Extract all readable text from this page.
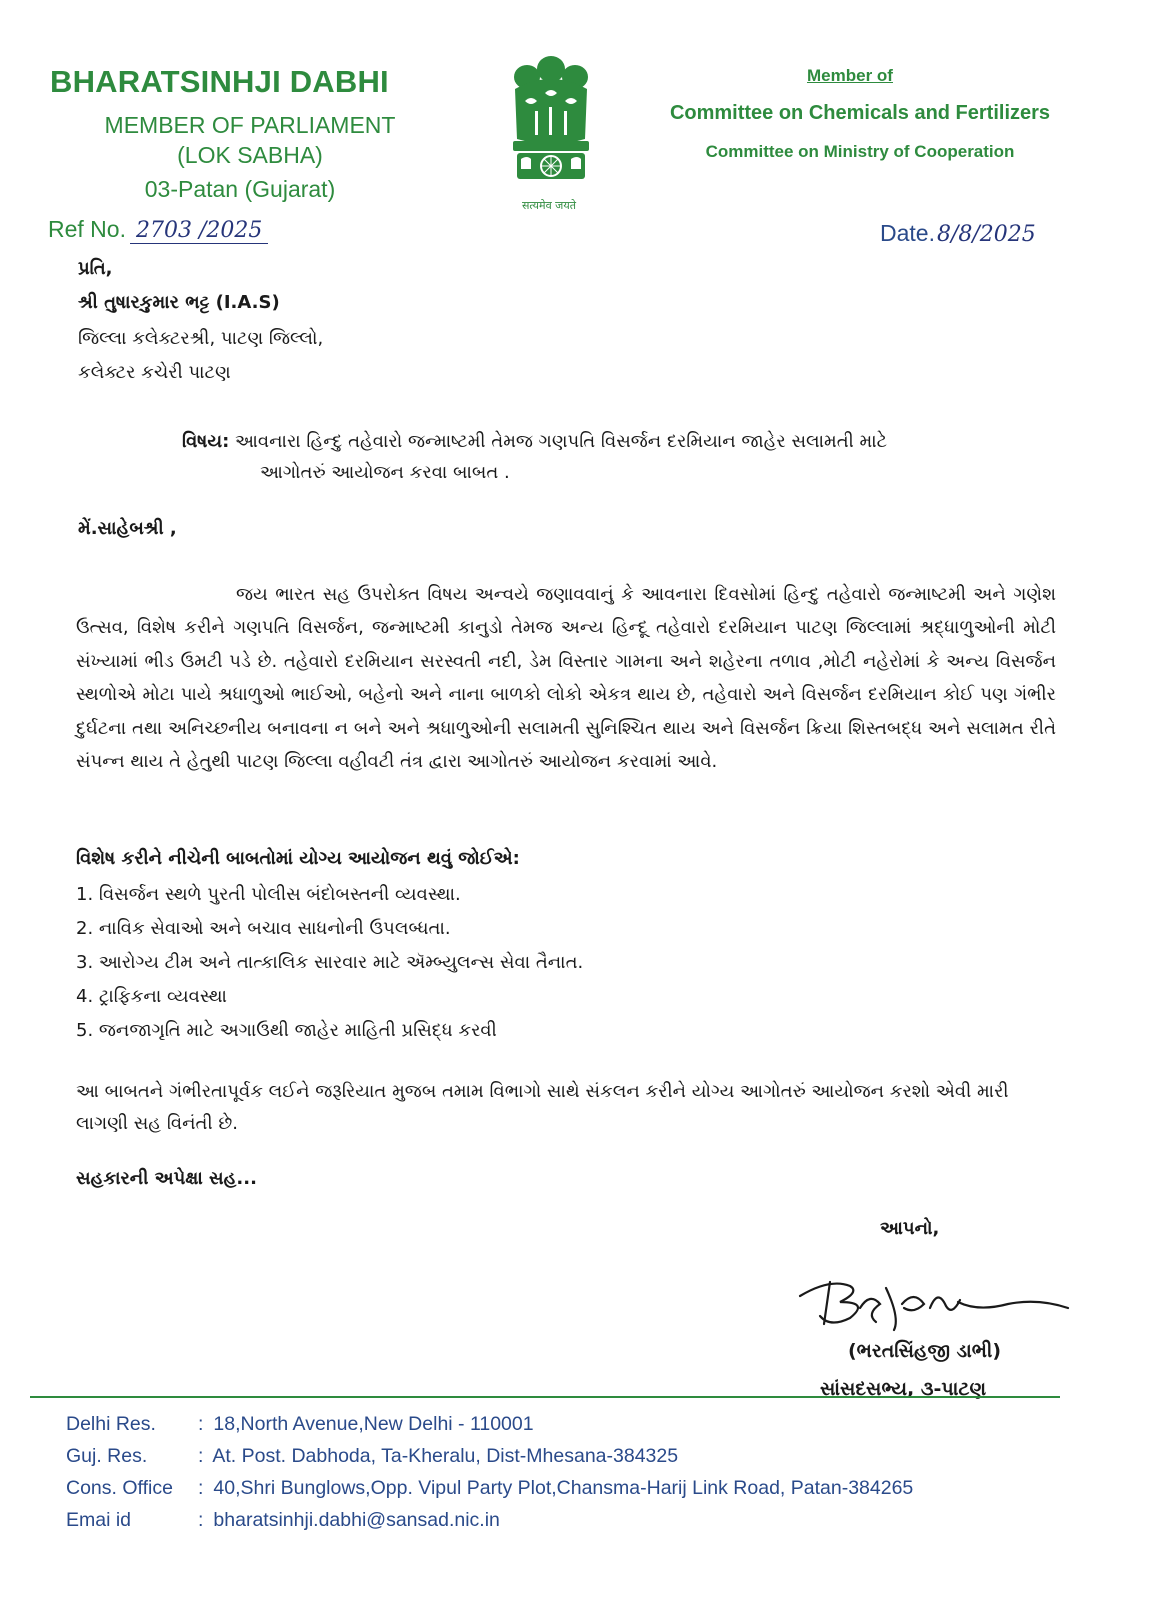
BHARATSINHJI DABHI
MEMBER OF PARLIAMENT
(LOK SABHA)
03-Patan (Gujarat)
सत्यमेव जयते
Member of
Committee on Chemicals and Fertilizers
Committee on Ministry of Cooperation
Ref No. 2703 /2025	Date.8/8/2025
પ્રતિ,
શ્રી તુષારકુમાર ભટ્ટ (I.A.S)
જિલ્લા કલેક્ટરશ્રી, પાટણ જિલ્લો,
કલેક્ટર કચેરી પાટણ
વિષય: આવનારા હિન્દુ તહેવારો જન્માષ્ટમી તેમજ ગણપતિ વિસર્જન દરમિયાન જાહેર સલામતી માટે
આગોતરું આયોજન કરવા બાબત .
મેં.સાહેબશ્રી ,
જય ભારત સહ ઉપરોક્ત વિષય અન્વયે જણાવવાનું કે આવનારા દિવસોમાં હિન્દુ તહેવારો જન્માષ્ટમી અને ગણેશ ઉત્સવ, વિશેષ કરીને ગણપતિ વિસર્જન, જન્માષ્ટમી કાનુડો તેમજ અન્ય હિન્દૂ તહેવારો દરમિયાન પાટણ જિલ્લામાં શ્રદ્ધાળુઓની મોટી સંખ્યામાં ભીડ ઉમટી પડે છે. તહેવારો દરમિયાન સરસ્વતી નદી, ડેમ વિસ્તાર ગામના અને શહેરના તળાવ ,મોટી નહેરોમાં કે અન્ય વિસર્જન સ્થળોએ મોટા પાયે શ્રધાળુઓ ભાઈઓ, બહેનો અને નાના બાળકો લોકો એકત્ર થાય છે, તહેવારો અને વિસર્જન દરમિયાન કોઈ પણ ગંભીર દુર્ઘટના તથા અનિચ્છનીય બનાવના ન બને અને શ્રધાળુઓની સલામતી સુનિશ્ચિત થાય અને વિસર્જન ક્રિયા શિસ્તબદ્ધ અને સલામત રીતે સંપન્ન થાય તે હેતુથી પાટણ જિલ્લા વહીવટી તંત્ર દ્વારા આગોતરું આયોજન કરવામાં આવે.
વિશેષ કરીને નીચેની બાબતોમાં યોગ્ય આયોજન થવું જોઈએ:
1. વિસર્જન સ્થળે પુરતી પોલીસ બંદોબસ્તની વ્યવસ્થા.
2. નાવિક સેવાઓ અને બચાવ સાધનોની ઉપલબ્ધતા.
3. આરોગ્ય ટીમ અને તાત્કાલિક સારવાર માટે ઍમ્બ્યુલન્સ સેવા તૈનાત.
4. ટ્રાફિકના વ્યવસ્થા
5. જનજાગૃતિ માટે અગાઉથી જાહેર માહિતી પ્રસિદ્ધ કરવી
આ બાબતને ગંભીરતાપૂર્વક લઈને જરૂરિયાત મુજબ તમામ વિભાગો સાથે સંકલન કરીને યોગ્ય આગોતરું આયોજન કરશો એવી મારી લાગણી સહ વિનંતી છે.
સહકારની અપેક્ષા સહ...
આપનો,
(ભરતસિંહજી ડાભી)
સાંસદસભ્ય, ૩-પાટણ
Delhi Res. : 18,North Avenue,New Delhi - 110001
Guj. Res.	: At. Post. Dabhoda, Ta-Kheralu, Dist-Mhesana-384325
Cons. Office : 40,Shri Bunglows,Opp. Vipul Party Plot,Chansma-Harij Link Road, Patan-384265
Emai id	: bharatsinhji.dabhi@sansad.nic.in
